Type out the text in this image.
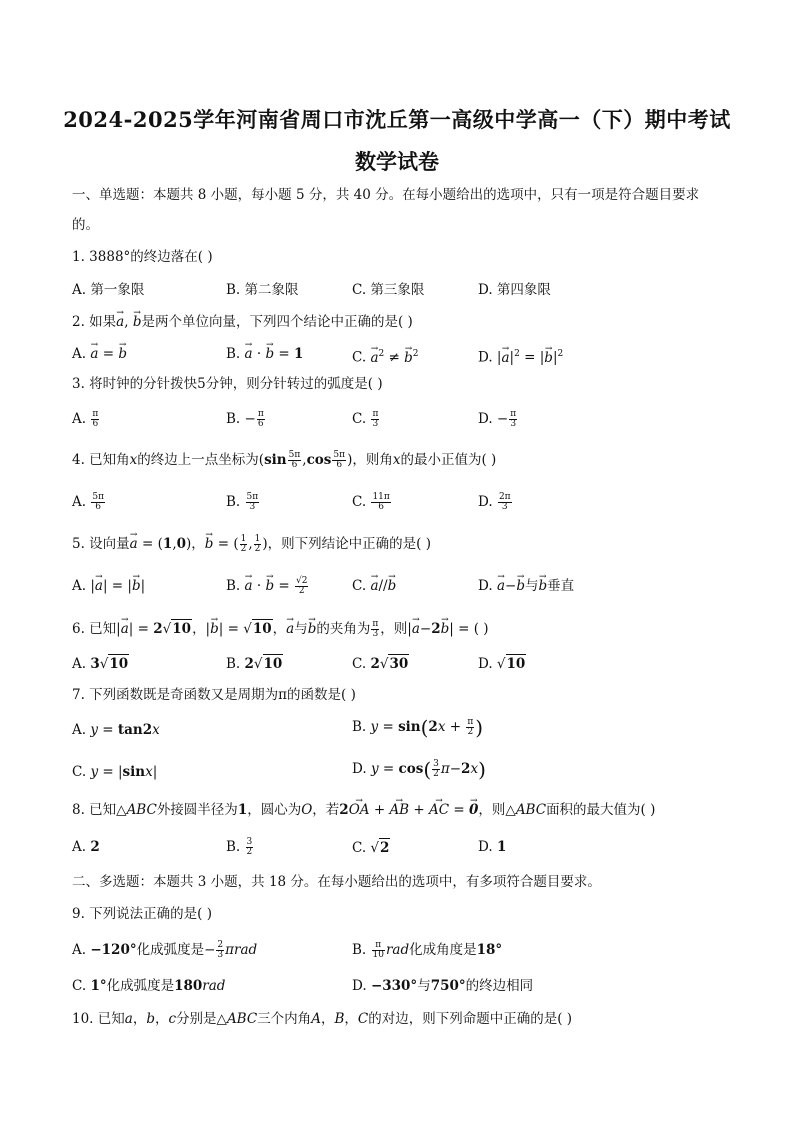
2024-2025学年河南省周口市沈丘第一高级中学高一（下）期中考试
数学试卷
一、单选题：本题共 8 小题，每小题 5 分，共 40 分。在每小题给出的选项中，只有一项是符合题目要求
的。
1. 3888°的终边落在( )
A. 第一象限	B. 第二象限	C. 第三象限	D. 第四象限
2. 如果→ a, → b是两个单位向量，下列四个结论中正确的是( )
A. → a = → b	B. → a · → b = 1	C. → $a^2$ ≠ → $b^2$	D. |→ $a|^2$ = |→ $b|^2$
3. 将时钟的分针拨快5分钟，则分针转过的弧度是( )
A. $\frac{\pi}{6}$	B. − $\frac{\pi}{6}$	C. $\frac{\pi}{3}$	D. − $\frac{\pi}{3}$
4. 已知角x的终边上一点坐标为($\sin \frac{5\pi}{6} ,\cos \frac{5\pi}{6}$ )，则角x的最小正值为( )
A. $\frac{5\pi}{6}$	B. $\frac{5\pi}{3}$	C. $\frac{11\pi}{6}$	D. $\frac{2\pi}{3}$
5. 设向量→ a = (1,0)，→ b = ( $\frac{1}{2}$ , $\frac{1}{2}$ )，则下列结论中正确的是( )
A. |→ a| = |→ b|	B. → a · → $b = \frac{√2}{2}$	C. → a//→ b	D. → a−→ b与→ b垂直
6. 已知|→ a| = 2√10，|→ b| = √10，→ a与→ b的夹角为 $\frac{\pi}{3}$ ，则|→ a−2→ b| = ( )
A. 3√10	B. 2√10	C. 2√30	D. √10
7. 下列函数既是奇函数又是周期为π的函数是( )
A. y = tan2x	B. $y = \sin(2x + \frac{\pi}{2}$ )
C. y = |sinx|	D. $y = \cos( \frac{3}{2} \pi-2x)$
8. 已知△ABC外接圆半径为1，圆心为O，若2→ OA + → AB + → AC = → 0，则△ABC面积的最大值为( )
A. 2	B. $\frac{3}{2}$	C. √2	D. 1
二、多选题：本题共 3 小题，共 18 分。在每小题给出的选项中，有多项符合题目要求。
9. 下列说法正确的是( )
A. −120°化成弧度是− $\frac{2}{3}$ πrad	B. $\frac{\pi}{10}$ rad化成角度是18°
C. 1°化成弧度是180rad	D. −330°与750°的终边相同
10. 已知a，b，c分别是△ABC三个内角A，B，C的对边，则下列命题中正确的是( )
